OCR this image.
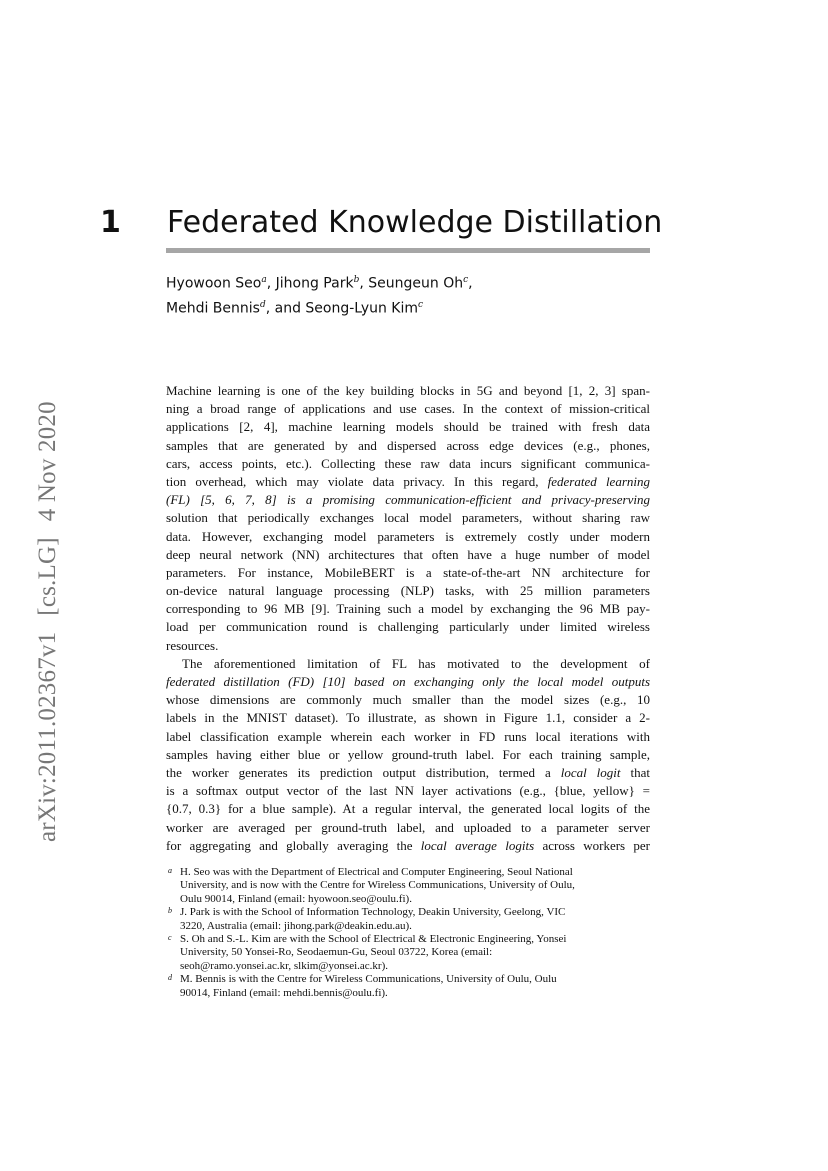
arXiv:2011.02367v1[cs.LG]4 Nov 2020
1 Federated Knowledge Distillation
Hyowoon Seo$^a$, Jihong Park$^b$, Seungeun Oh$^c$,
Mehdi Bennis$^d$, and Seong-Lyun Kim$^c$
Machine learning is one of the key building blocks in 5G and beyond [1, 2, 3] span-
ning a broad range of applications and use cases. In the context of mission-critical
applications [2, 4], machine learning models should be trained with fresh data
samples that are generated by and dispersed across edge devices (e.g., phones,
cars, access points, etc.). Collecting these raw data incurs significant communica-
tion overhead, which may violate data privacy. In this regard, federated learning
(FL) [5, 6, 7, 8] is a promising communication-efficient and privacy-preserving
solution that periodically exchanges local model parameters, without sharing raw
data. However, exchanging model parameters is extremely costly under modern
deep neural network (NN) architectures that often have a huge number of model
parameters. For instance, MobileBERT is a state-of-the-art NN architecture for
on-device natural language processing (NLP) tasks, with 25 million parameters
corresponding to 96 MB [9]. Training such a model by exchanging the 96 MB pay-
load per communication round is challenging particularly under limited wireless
resources.
The aforementioned limitation of FL has motivated to the development of
federated distillation (FD) [10] based on exchanging only the local model outputs
whose dimensions are commonly much smaller than the model sizes (e.g., 10
labels in the MNIST dataset). To illustrate, as shown in Figure 1.1, consider a 2-
label classification example wherein each worker in FD runs local iterations with
samples having either blue or yellow ground-truth label. For each training sample,
the worker generates its prediction output distribution, termed a local logit that
is a softmax output vector of the last NN layer activations (e.g., {blue, yellow} =
{0.7, 0.3} for a blue sample). At a regular interval, the generated local logits of the
worker are averaged per ground-truth label, and uploaded to a parameter server
for aggregating and globally averaging the local average logits across workers per
a H. Seo was with the Department of Electrical and Computer Engineering, Seoul National
University, and is now with the Centre for Wireless Communications, University of Oulu,
Oulu 90014, Finland (email: hyowoon.seo@oulu.fi).
b J. Park is with the School of Information Technology, Deakin University, Geelong, VIC
3220, Australia (email: jihong.park@deakin.edu.au).
c S. Oh and S.-L. Kim are with the School of Electrical & Electronic Engineering, Yonsei
University, 50 Yonsei-Ro, Seodaemun-Gu, Seoul 03722, Korea (email:
seoh@ramo.yonsei.ac.kr, slkim@yonsei.ac.kr).
d M. Bennis is with the Centre for Wireless Communications, University of Oulu, Oulu
90014, Finland (email: mehdi.bennis@oulu.fi).
